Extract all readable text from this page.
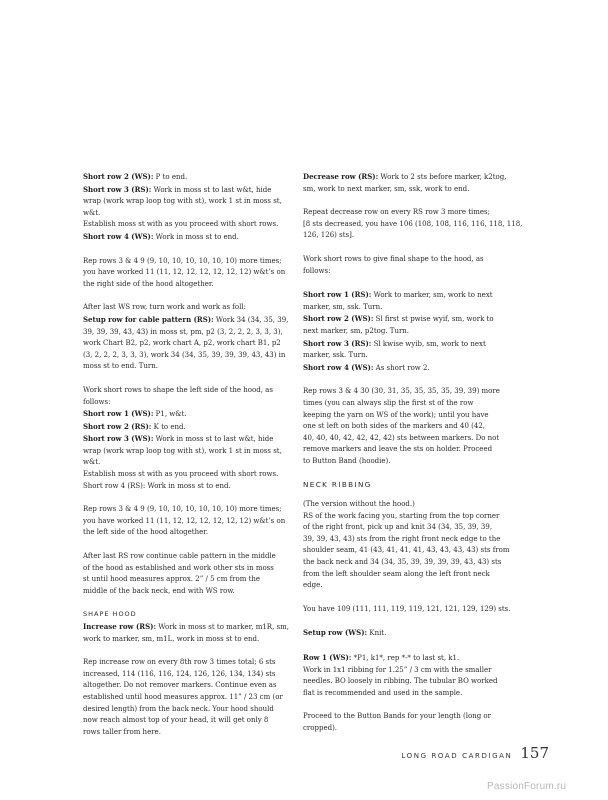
Short row 2 (WS): P to end.
Short row 3 (RS): Work in moss st to last w&t, hide
wrap (work wrap loop tog with st), work 1 st in moss st,
w&t.
Establish moss st with as you proceed with short rows.
Short row 4 (WS): Work in moss st to end.
Rep rows 3 & 4 9 (9, 10, 10, 10, 10, 10, 10) more times;
you have worked 11 (11, 12, 12, 12, 12, 12, 12) w&t’s on
the right side of the hood altogether.
After last WS row, turn work and work as foll:
Setup row for cable pattern (RS): Work 34 (34, 35, 39,
39, 39, 39, 43, 43) in moss st, pm, p2 (3, 2, 2, 2, 3, 3, 3),
work Chart B2, p2, work chart A, p2, work chart B1, p2
(3, 2, 2, 2, 3, 3, 3), work 34 (34, 35, 39, 39, 39, 43, 43) in
moss st to end. Turn.
Work short rows to shape the left side of the hood, as
follows:
Short row 1 (WS): P1, w&t.
Short row 2 (RS): K to end.
Short row 3 (WS): Work in moss st to last w&t, hide
wrap (work wrap loop tog with st), work 1 st in moss st,
w&t.
Establish moss st with as you proceed with short rows.
Short row 4 (RS): Work in moss st to end.
Rep rows 3 & 4 9 (9, 10, 10, 10, 10, 10, 10) more times;
you have worked 11 (11, 12, 12, 12, 12, 12, 12) w&t’s on
the left side of the hood altogether.
After last RS row continue cable pattern in the middle
of the hood as established and work other sts in moss
st until hood measures approx. 2” / 5 cm from the
middle of the back neck, end with WS row.
SHAPE HOOD
Increase row (RS): Work in moss st to marker, m1R, sm,
work to marker, sm, m1L, work in moss st to end.
Rep increase row on every 8th row 3 times total; 6 sts
increased, 114 (116, 116, 124, 126, 126, 134, 134) sts
altogether. Do not remover markers. Continue even as
established until hood measures approx. 11” / 23 cm (or
desired length) from the back neck. Your hood should
now reach almost top of your head, it will get only 8
rows taller from here.
Decrease row (RS): Work to 2 sts before marker, k2tog,
sm, work to next marker, sm, ssk, work to end.
Repeat decrease row on every RS row 3 more times;
[8 sts decreased, you have 106 (108, 108, 116, 116, 118, 118,
126, 126) sts].
Work short rows to give final shape to the hood, as
follows:
Short row 1 (RS): Work to marker, sm, work to next
marker, sm, ssk. Turn.
Short row 2 (WS): Sl first st pwise wyif, sm, work to
next marker, sm, p2tog. Turn.
Short row 3 (RS): Sl kwise wyib, sm, work to next
marker, ssk. Turn.
Short row 4 (WS): As short row 2.
Rep rows 3 & 4 30 (30, 31, 35, 35, 35, 35, 39, 39) more
times (you can always slip the first st of the row
keeping the yarn on WS of the work); until you have
one st left on both sides of the markers and 40 (42,
40, 40, 40, 42, 42, 42, 42) sts between markers. Do not
remove markers and leave the sts on holder. Proceed
to Button Band (hoodie).
NECK RIBBING
(The version without the hood.)
RS of the work facing you, starting from the top corner
of the right front, pick up and knit 34 (34, 35, 39, 39,
39, 39, 43, 43) sts from the right front neck edge to the
shoulder seam, 41 (43, 41, 41, 41, 43, 43, 43, 43) sts from
the back neck and 34 (34, 35, 39, 39, 39, 39, 43, 43) sts
from the left shoulder seam along the left front neck
edge.
You have 109 (111, 111, 119, 119, 121, 121, 129, 129) sts.
Setup row (WS): Knit.
Row 1 (WS): *P1, k1*, rep *-* to last st, k1.
Work in 1x1 ribbing for 1.25” / 3 cm with the smaller
needles. BO loosely in ribbing. The tubular BO worked
flat is recommended and used in the sample.
Proceed to the Button Bands for your length (long or
cropped).
LONG ROAD CARDIGAN 157
PassionForum.ru
